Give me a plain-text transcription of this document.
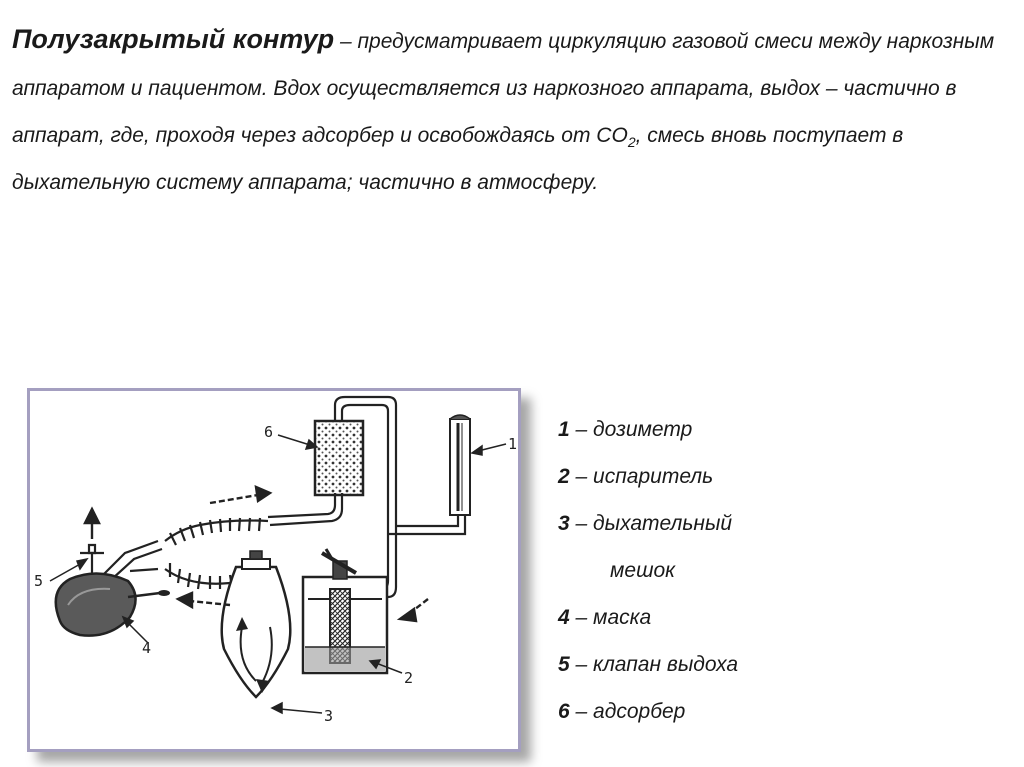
Полузакрытый контур – предусматривает циркуляцию газовой смеси между наркозным аппаратом и пациентом. Вдох осуществляется из наркозного аппарата, выдох – частично в аппарат, где, проходя через адсорбер и освобождаясь от $CO_2$, смесь вновь поступает в дыхательную систему аппарата; частично в атмосферу.
1
2
3
4
5
6	1 – дозиметр
2 – испаритель
3 – дыхательный
мешок
4 – маска
5 – клапан выдоха
6 – адсорбер
